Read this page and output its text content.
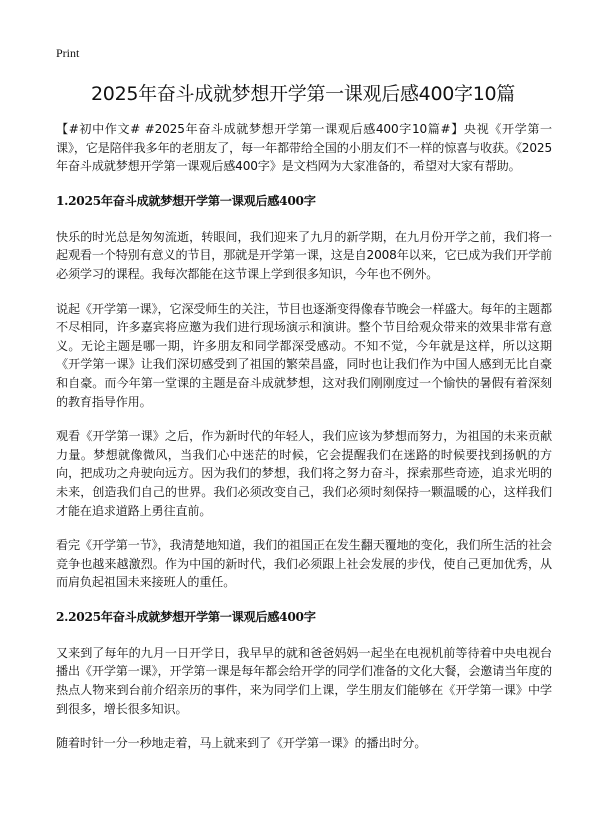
Print
2025年奋斗成就梦想开学第一课观后感400字10篇

【#初中作文# #2025年奋斗成就梦想开学第一课观后感400字10篇#】央视《开学第一课》，它是陪伴我多年的老朋友了，每一年都带给全国的小朋友们不一样的惊喜与收获。《2025年奋斗成就梦想开学第一课观后感400字》是文档网为大家准备的，希望对大家有帮助。

1.2025年奋斗成就梦想开学第一课观后感400字

快乐的时光总是匆匆流逝，转眼间，我们迎来了九月的新学期，在九月份开学之前，我们将一起观看一个特别有意义的节目，那就是开学第一课，这是自2008年以来，它已成为我们开学前必须学习的课程。我每次都能在这节课上学到很多知识，今年也不例外。

说起《开学第一课》，它深受师生的关注，节目也逐渐变得像春节晚会一样盛大。每年的主题都不尽相同，许多嘉宾将应邀为我们进行现场演示和演讲。整个节目给观众带来的效果非常有意义。无论主题是哪一期，许多朋友和同学都深受感动。不知不觉，今年就是这样，所以这期《开学第一课》让我们深切感受到了祖国的繁荣昌盛，同时也让我们作为中国人感到无比自豪和自豪。而今年第一堂课的主题是奋斗成就梦想，这对我们刚刚度过一个愉快的暑假有着深刻的教育指导作用。

观看《开学第一课》之后，作为新时代的年轻人，我们应该为梦想而努力，为祖国的未来贡献力量。梦想就像微风，当我们心中迷茫的时候，它会提醒我们在迷路的时候要找到扬帆的方向，把成功之舟驶向远方。因为我们的梦想，我们将之努力奋斗，探索那些奇迹，追求光明的未来，创造我们自己的世界。我们必须改变自己，我们必须时刻保持一颗温暖的心，这样我们才能在追求道路上勇往直前。

看完《开学第一节》，我清楚地知道，我们的祖国正在发生翻天覆地的变化，我们所生活的社会竞争也越来越激烈。作为中国的新时代，我们必须跟上社会发展的步伐，使自己更加优秀，从而肩负起祖国未来接班人的重任。

2.2025年奋斗成就梦想开学第一课观后感400字

又来到了每年的九月一日开学日，我早早的就和爸爸妈妈一起坐在电视机前等待着中央电视台播出《开学第一课》，开学第一课是每年都会给开学的同学们准备的文化大餐，会邀请当年度的热点人物来到台前介绍亲历的事件，来为同学们上课，学生朋友们能够在《开学第一课》中学到很多，增长很多知识。

随着时针一分一秒地走着，马上就来到了《开学第一课》的播出时分。
